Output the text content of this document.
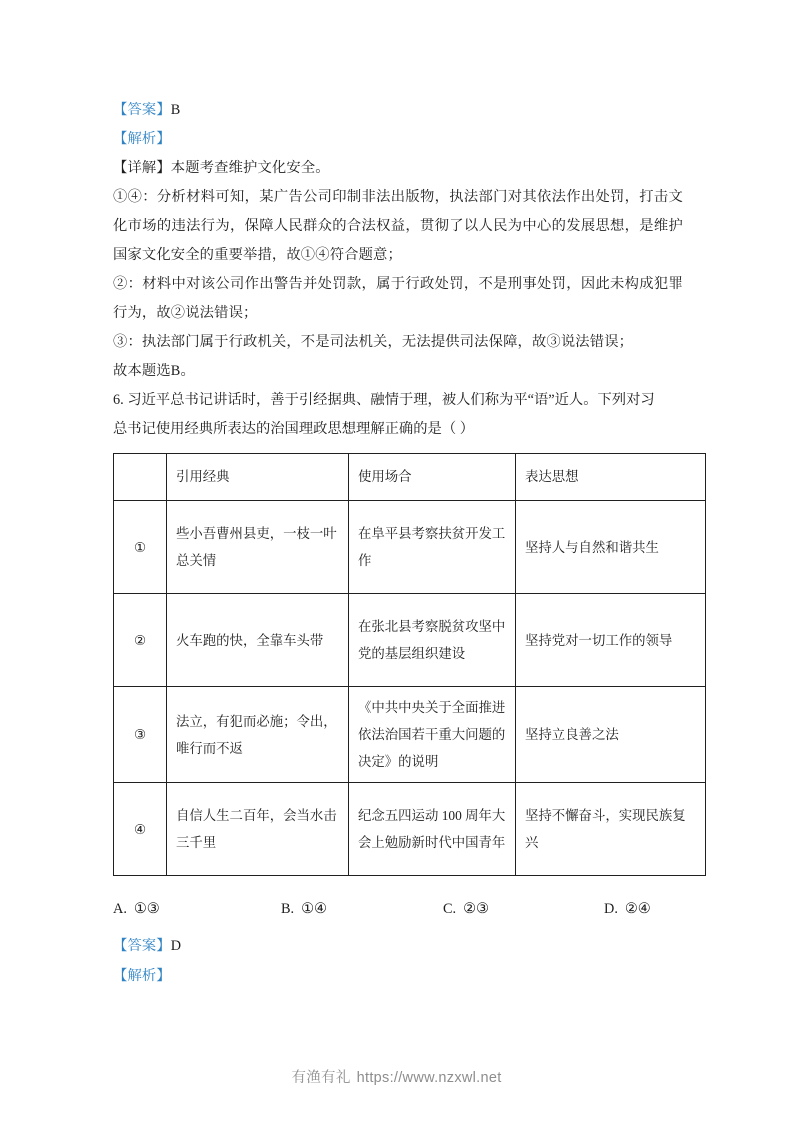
【答案】B

【解析】

【详解】本题考查维护文化安全。

①④：分析材料可知，某广告公司印制非法出版物，执法部门对其依法作出处罚，打击文化市场的违法行为，保障人民群众的合法权益，贯彻了以人民为中心的发展思想，是维护国家文化安全的重要举措，故①④符合题意；

②：材料中对该公司作出警告并处罚款，属于行政处罚，不是刑事处罚，因此未构成犯罪行为，故②说法错误；

③：执法部门属于行政机关，不是司法机关，无法提供司法保障，故③说法错误；

故本题选B。

6. 习近平总书记讲话时，善于引经据典、融情于理，被人们称为平“语”近人。下列对习

总书记使用经典所表达的治国理政思想理解正确的是（ ）

	引用经典	使用场合	表达思想
①	些小吾曹州县吏，一枝一叶总关情	在阜平县考察扶贫开发工作	坚持人与自然和谐共生
②	火车跑的快，全靠车头带	在张北县考察脱贫攻坚中党的基层组织建设	坚持党对一切工作的领导
③	法立，有犯而必施；令出，唯行而不返	《中共中央关于全面推进依法治国若干重大问题的决定》的说明	坚持立良善之法
④	自信人生二百年，会当水击三千里	纪念五四运动 100 周年大会上勉励新时代中国青年	坚持不懈奋斗，实现民族复兴
A. ①③	B. ①④	C. ②③	D. ②④

【答案】D

【解析】

有渔有礼 https://www.nzxwl.net
